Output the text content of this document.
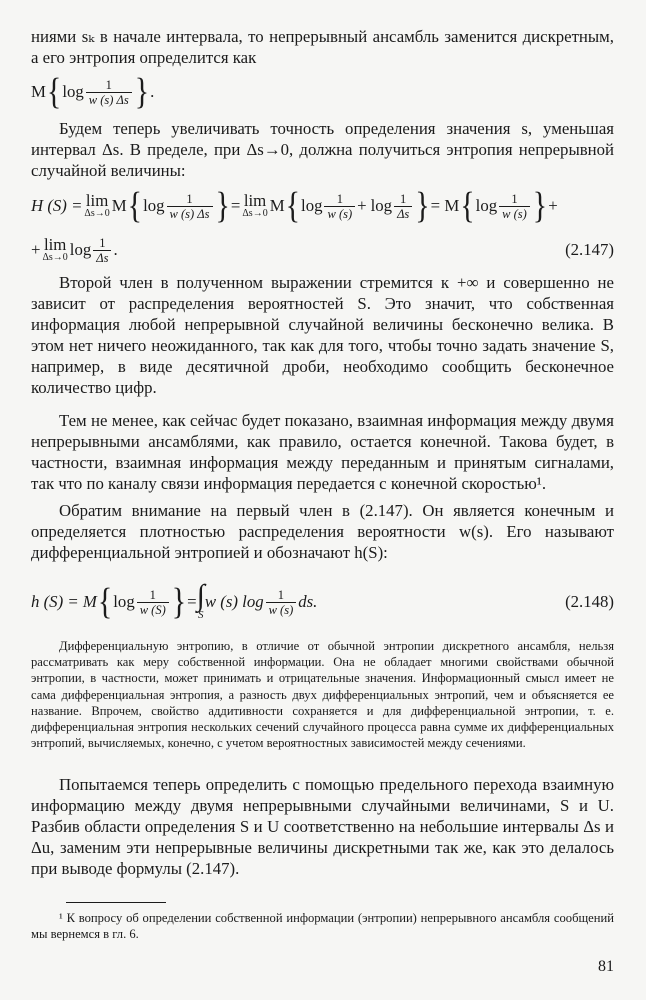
ниями sₖ в начале интервала, то непрерывный ансамбль заменится дискретным, а его энтропия определится как

M { $\log \frac{1}{w (s) \Delta s}$ } .

Будем теперь увеличивать точность определения значения s, уменьшая интервал Δs. В пределе, при Δs→0, должна получиться энтропия непрерывной случайной величины:

H (S) = lim
Δs→0 M { $\log \frac{1}{w (s) \Delta s}$ } = lim
Δs→0 M { $\log \frac{1}{w (s)} + \log \frac{1}{\Delta s}$ } = M { $\log \frac{1}{w (s)}$ } +
+ lim
Δs→0 $\log \frac{1}{\Delta s}$ .	(2.147)

Второй член в полученном выражении стремится к +∞ и совершенно не зависит от распределения вероятностей S. Это значит, что собственная информация любой непрерывной случайной величины бесконечно велика. В этом нет ничего неожиданного, так как для того, чтобы точно задать значение S, например, в виде десятичной дроби, необходимо сообщить бесконечное количество цифр.

Тем не менее, как сейчас будет показано, взаимная информация между двумя непрерывными ансамблями, как правило, остается конечной. Такова будет, в частности, взаимная информация между переданным и принятым сигналами, так что по каналу связи информация передается с конечной скоростью¹.

Обратим внимание на первый член в (2.147). Он является конечным и определяется плотностью распределения вероятности w(s). Его называют дифференциальной энтропией и обозначают h(S):

h (S) = M { $\log \frac{1}{w (S)}$ } = ∫
S
w (s) $\log \frac{1}{w (s)}$ ds.	(2.148)

Дифференциальную энтропию, в отличие от обычной энтропии дискретного ансамбля, нельзя рассматривать как меру собственной информации. Она не обладает многими свойствами обычной энтропии, в частности, может принимать и отрицательные значения. Информационный смысл имеет не сама дифференциальная энтропия, а разность двух дифференциальных энтропий, чем и объясняется ее название. Впрочем, свойство аддитивности сохраняется и для дифференциальной энтропии, т. е. дифференциальная энтропия нескольких сечений случайного процесса равна сумме их дифференциальных энтропий, вычисляемых, конечно, с учетом вероятностных зависимостей между сечениями.

Попытаемся теперь определить с помощью предельного перехода взаимную информацию между двумя непрерывными случайными величинами, S и U. Разбив области определения S и U соответственно на небольшие интервалы Δs и Δu, заменим эти непрерывные величины дискретными так же, как это делалось при выводе формулы (2.147).

¹ К вопросу об определении собственной информации (энтропии) непрерывного ансамбля сообщений мы вернемся в гл. 6.

81
